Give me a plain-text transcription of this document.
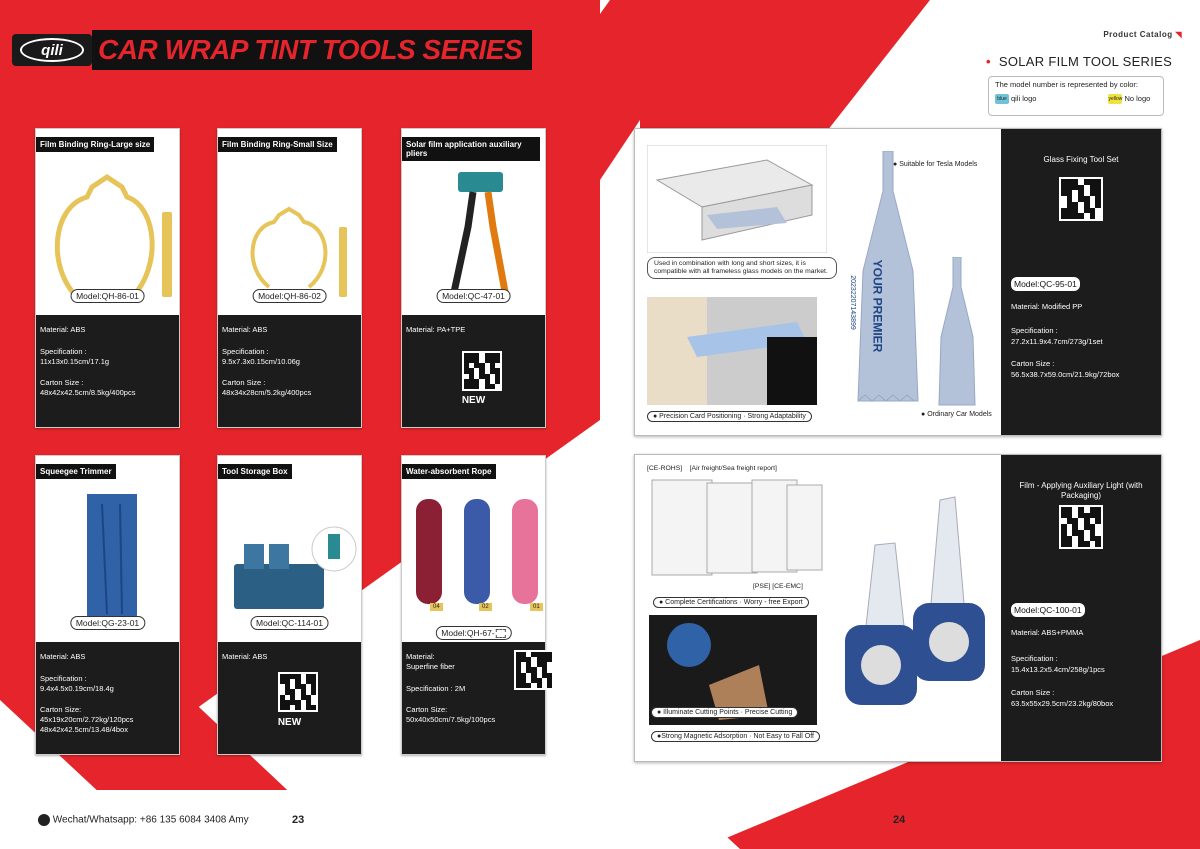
qili	CAR WRAP TINT TOOLS SERIES	Product Catalog ◥
• SOLAR FILM TOOL SERIES
The model number is represented by color:
blue qili logo	yellow No logo
Film Binding Ring-Large size
Model:QH-86-01

Material: ABS

Specification :
11x13x0.15cm/17.1g

Carton Size :
48x42x42.5cm/8.5kg/400pcs

Film Binding Ring-Small Size
Model:QH-86-02

Material: ABS

Specification :
9.5x7.3x0.15cm/10.06g

Carton Size :
48x34x28cm/5.2kg/400pcs

Solar film application auxiliary pliers
Model:QC-47-01

Material: PA+TPE

NEW
Squeegee Trimmer
Model:QG-23-01

Material: ABS

Specification :
9.4x4.5x0.19cm/18.4g

Carton Size:
45x19x20cm/2.72kg/120pcs
48x42x42.5cm/13.48/4box

Tool Storage Box
Model:QC-114-01

Material: ABS

NEW
Water-absorbent Rope
04	02	01
Model:QH-67-

Material:
Superfine fiber

Specification : 2M

Carton Size:
50x40x50cm/7.5kg/100pcs

Used in combination with long and short sizes, it is compatible with all frameless glass models on the market.
● Precision Card Positioning · Strong Adaptability
YOUR PREMIER
20232207143899
● Suitable for Tesla Models
● Ordinary Car Models
Glass Fixing Tool Set
Model:QC-95-01
Material: Modified PP
Specification :
27.2x11.9x4.7cm/273g/1set
Carton Size :
56.5x38.7x59.0cm/21.9kg/72box
[CE-ROHS]    [Air freight/Sea freight report]
[PSE] [CE-EMC]
● Complete Certifications · Worry - free Export
● Illuminate Cutting Points · Precise Cutting
●Strong Magnetic Adsorption · Not Easy to Fall Off
Film - Applying Auxiliary Light (with Packaging)
Model:QC-100-01
Material: ABS+PMMA
Specification :
15.4x13.2x5.4cm/258g/1pcs
Carton Size :
63.5x55x29.5cm/23.2kg/80box
Wechat/Whatsapp: +86 135 6084 3408 Amy	23	24	‹‹‹
